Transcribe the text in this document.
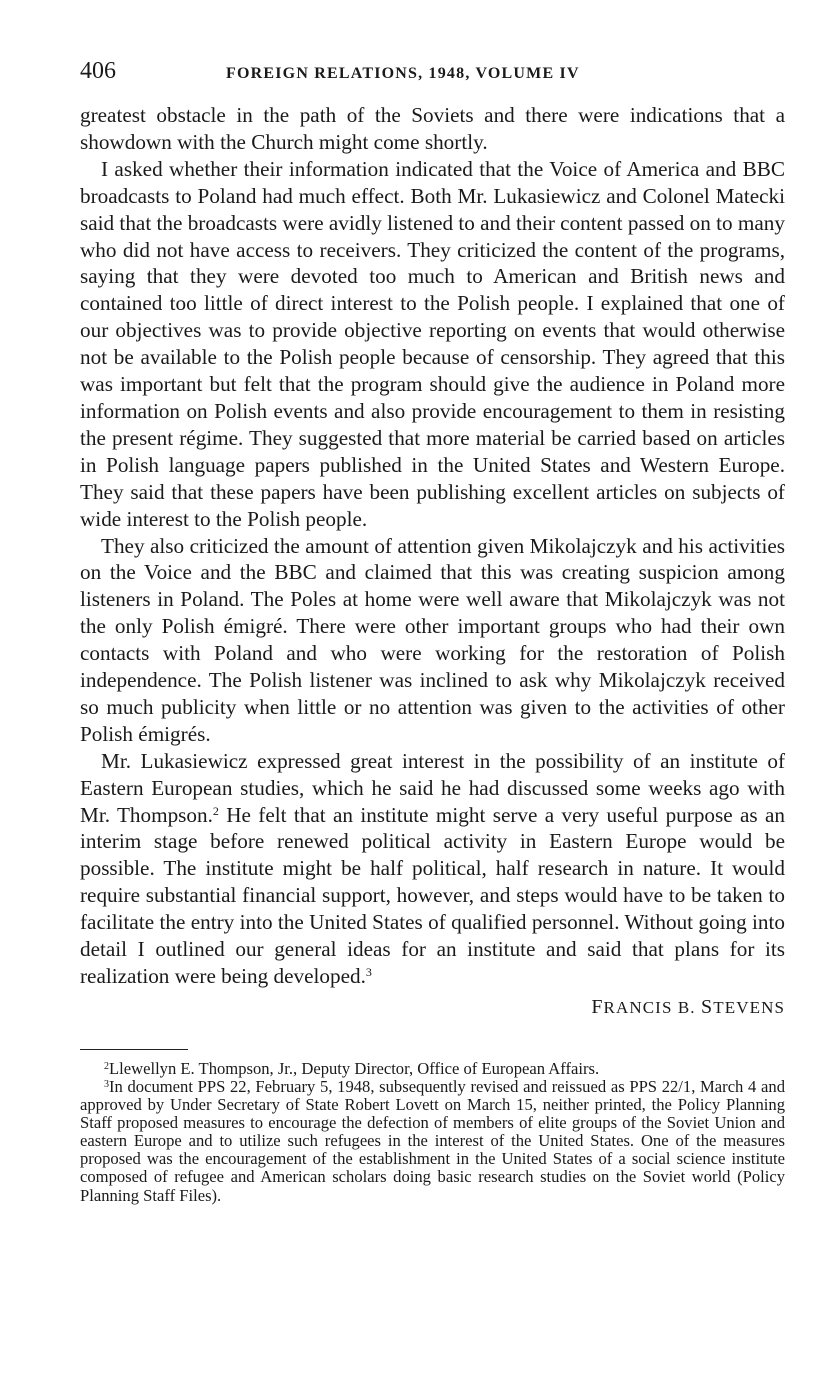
406	FOREIGN RELATIONS, 1948, VOLUME IV

greatest obstacle in the path of the Soviets and there were indications that a showdown with the Church might come shortly.

I asked whether their information indicated that the Voice of America and BBC broadcasts to Poland had much effect. Both Mr. Lukasiewicz and Colonel Matecki said that the broadcasts were avidly listened to and their content passed on to many who did not have access to receivers. They criticized the content of the programs, saying that they were devoted too much to American and British news and contained too little of direct interest to the Polish people. I explained that one of our objectives was to provide objective reporting on events that would otherwise not be available to the Polish people because of censorship. They agreed that this was important but felt that the program should give the audience in Poland more information on Polish events and also provide encouragement to them in resisting the present régime. They suggested that more material be carried based on articles in Polish language papers published in the United States and Western Europe. They said that these papers have been publishing excellent articles on subjects of wide interest to the Polish people.

They also criticized the amount of attention given Mikolajczyk and his activities on the Voice and the BBC and claimed that this was creating suspicion among listeners in Poland. The Poles at home were well aware that Mikolajczyk was not the only Polish émigré. There were other important groups who had their own contacts with Poland and who were working for the restoration of Polish independence. The Polish listener was inclined to ask why Mikolajczyk received so much publicity when little or no attention was given to the activities of other Polish émigrés.

Mr. Lukasiewicz expressed great interest in the possibility of an institute of Eastern European studies, which he said he had discussed some weeks ago with Mr. Thompson.$^2$ He felt that an institute might serve a very useful purpose as an interim stage before renewed political activity in Eastern Europe would be possible. The institute might be half political, half research in nature. It would require substantial financial support, however, and steps would have to be taken to facilitate the entry into the United States of qualified personnel. Without going into detail I outlined our general ideas for an institute and said that plans for its realization were being developed.$^3$

FRANCIS B. STEVENS

$^2$Llewellyn E. Thompson, Jr., Deputy Director, Office of European Affairs.

$^3$In document PPS 22, February 5, 1948, subsequently revised and reissued as PPS 22/1, March 4 and approved by Under Secretary of State Robert Lovett on March 15, neither printed, the Policy Planning Staff proposed measures to encourage the defection of members of elite groups of the Soviet Union and eastern Europe and to utilize such refugees in the interest of the United States. One of the measures proposed was the encouragement of the establishment in the United States of a social science institute composed of refugee and American scholars doing basic research studies on the Soviet world (Policy Planning Staff Files).
